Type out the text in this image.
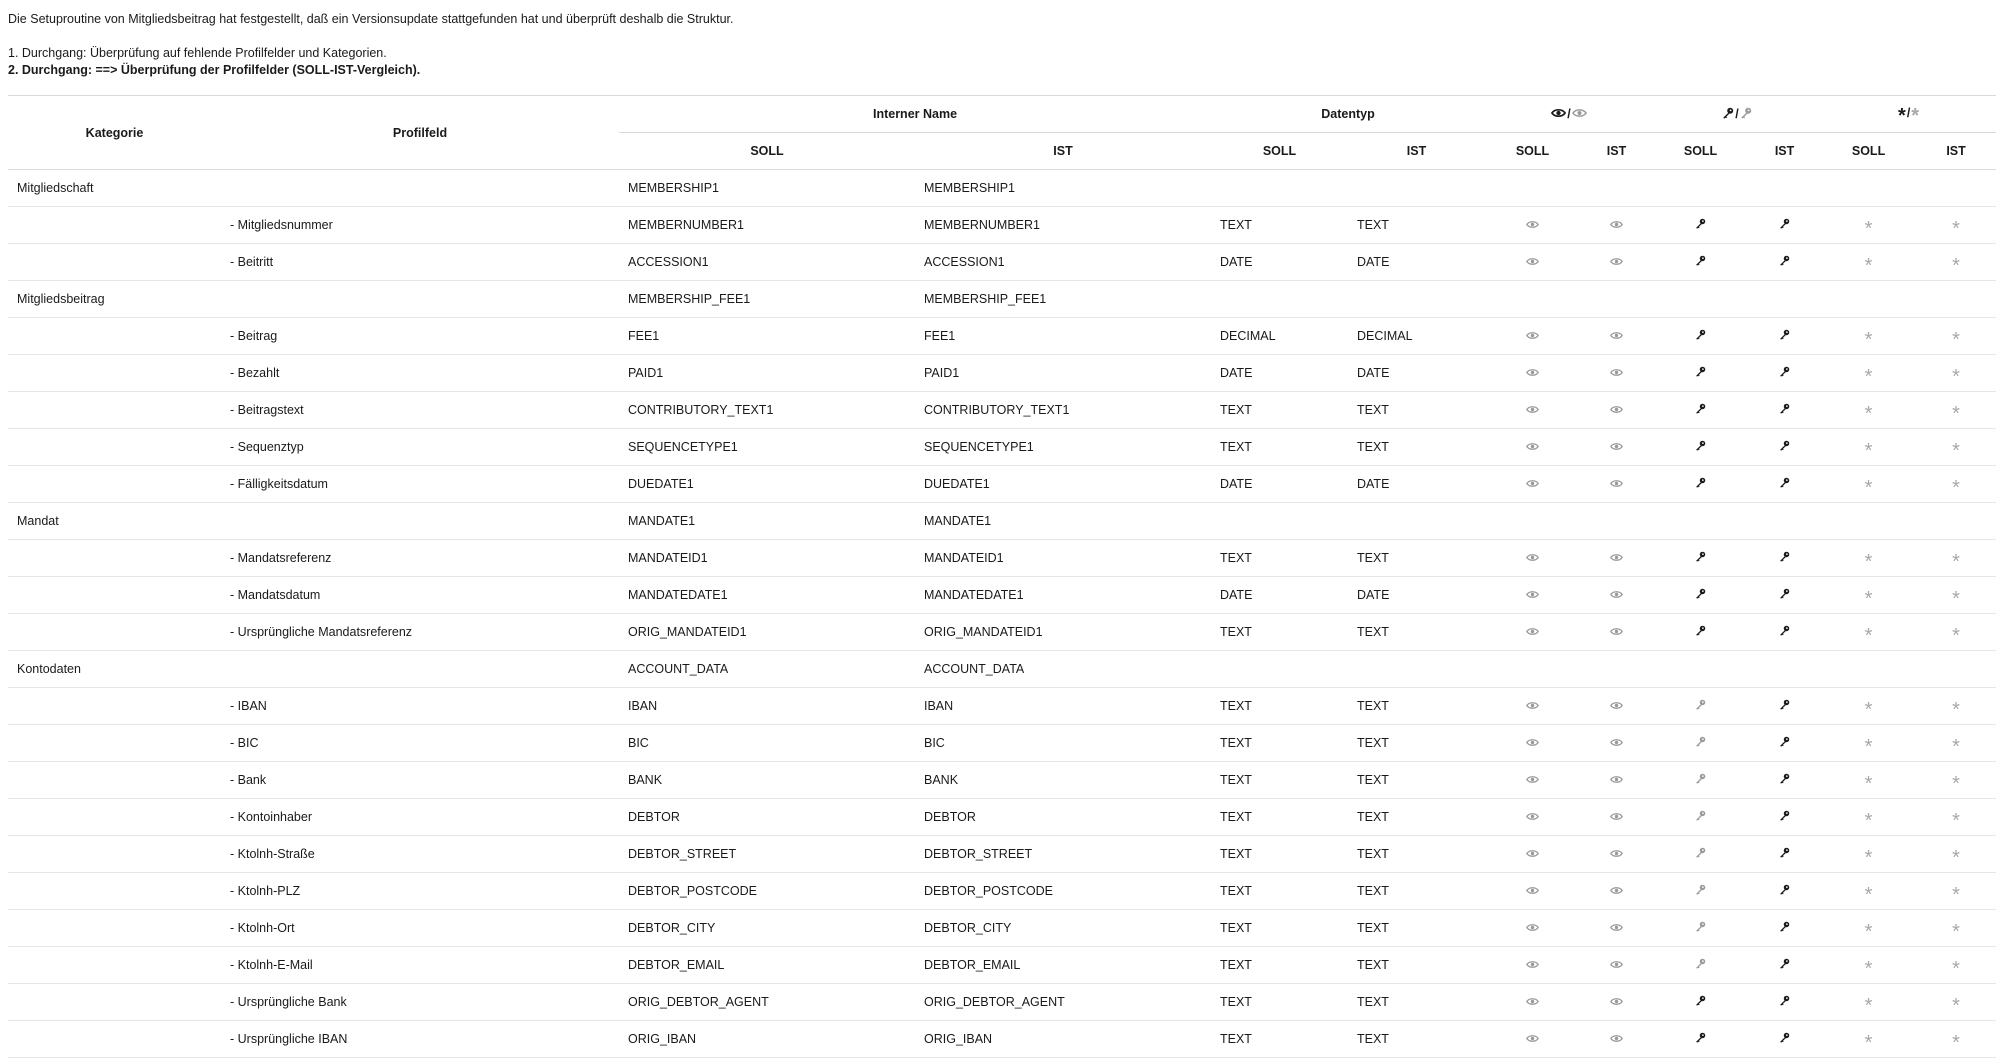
Die Setuproutine von Mitgliedsbeitrag hat festgestellt, daß ein Versionsupdate stattgefunden hat und überprüft deshalb die Struktur.

1. Durchgang: Überprüfung auf fehlende Profilfelder und Kategorien.

2. Durchgang: ==> Überprüfung der Profilfelder (SOLL-IST-Vergleich).

Kategorie	Profilfeld	Interner Name		Datentyp		/		/		* / *	

		SOLL	IST	SOLL	IST	SOLL	IST	SOLL	IST	SOLL	IST
Mitgliedschaft		MEMBERSHIP1	MEMBERSHIP1								
	- Mitgliedsnummer	MEMBERNUMBER1	MEMBERNUMBER1	TEXT	TEXT					*	*
	- Beitritt	ACCESSION1	ACCESSION1	DATE	DATE					*	*
Mitgliedsbeitrag		MEMBERSHIP_FEE1	MEMBERSHIP_FEE1								
	- Beitrag	FEE1	FEE1	DECIMAL	DECIMAL					*	*
	- Bezahlt	PAID1	PAID1	DATE	DATE					*	*
	- Beitragstext	CONTRIBUTORY_TEXT1	CONTRIBUTORY_TEXT1	TEXT	TEXT					*	*
	- Sequenztyp	SEQUENCETYPE1	SEQUENCETYPE1	TEXT	TEXT					*	*
	- Fälligkeitsdatum	DUEDATE1	DUEDATE1	DATE	DATE					*	*
Mandat		MANDATE1	MANDATE1								
	- Mandatsreferenz	MANDATEID1	MANDATEID1	TEXT	TEXT					*	*
	- Mandatsdatum	MANDATEDATE1	MANDATEDATE1	DATE	DATE					*	*
	- Ursprüngliche Mandatsreferenz	ORIG_MANDATEID1	ORIG_MANDATEID1	TEXT	TEXT					*	*
Kontodaten		ACCOUNT_DATA	ACCOUNT_DATA								
	- IBAN	IBAN	IBAN	TEXT	TEXT					*	*
	- BIC	BIC	BIC	TEXT	TEXT					*	*
	- Bank	BANK	BANK	TEXT	TEXT					*	*
	- Kontoinhaber	DEBTOR	DEBTOR	TEXT	TEXT					*	*
	- Ktolnh-Straße	DEBTOR_STREET	DEBTOR_STREET	TEXT	TEXT					*	*
	- Ktolnh-PLZ	DEBTOR_POSTCODE	DEBTOR_POSTCODE	TEXT	TEXT					*	*
	- Ktolnh-Ort	DEBTOR_CITY	DEBTOR_CITY	TEXT	TEXT					*	*
	- Ktolnh-E-Mail	DEBTOR_EMAIL	DEBTOR_EMAIL	TEXT	TEXT					*	*
	- Ursprüngliche Bank	ORIG_DEBTOR_AGENT	ORIG_DEBTOR_AGENT	TEXT	TEXT					*	*
	- Ursprüngliche IBAN	ORIG_IBAN	ORIG_IBAN	TEXT	TEXT					*	*
